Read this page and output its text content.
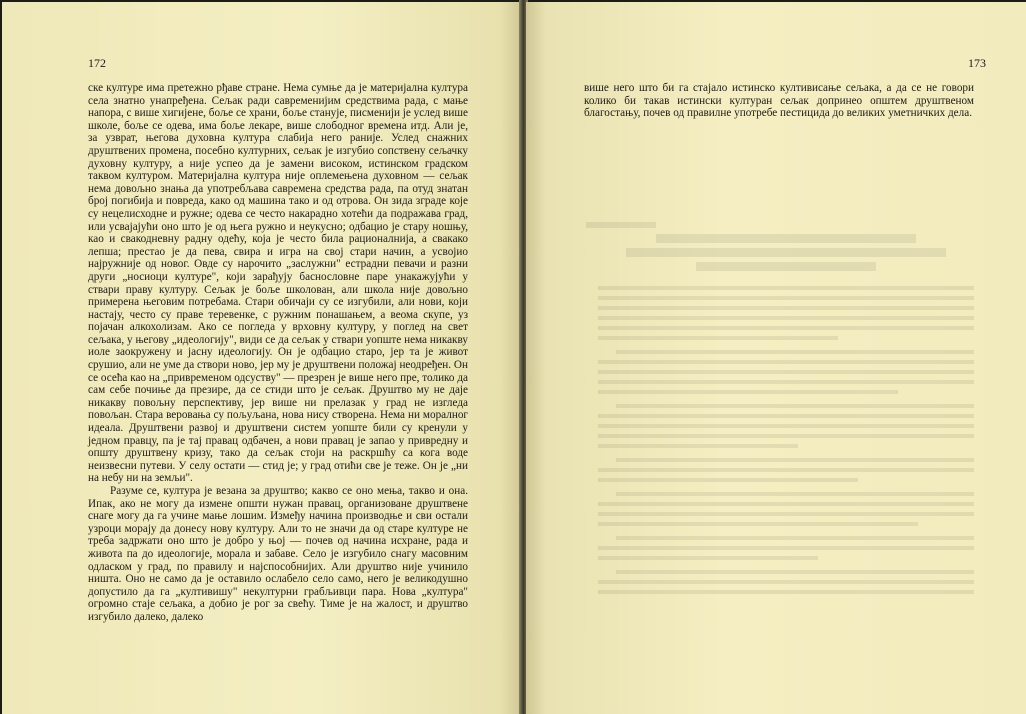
172

ске културе има претежно рђаве стране. Нема сумње да је материјална култура села знатно унапређена. Сељак ради савременијим средствима рада, с мање напора, с више хигијене, боље се храни, боље станује, писменији је услед више школе, боље се одева, има боље лекаре, више слободног времена итд. Али је, за узврат, његова духовна култура слабија него раније. Услед снажних друштвених промена, посебно културних, сељак је изгубио сопствену сељачку духовну културу, а није успео да је замени високом, истинском градском таквом културом. Материјална култура није оплемењена духовном — сељак нема довољно знања да употребљава савремена средства рада, па отуд знатан број погибија и повреда, како од машина тако и од отрова. Он зида зграде које су нецелисходне и ружне; одева се често накарадно хотећи да подражава град, или усвајајући оно што је од њега ружно и неукусно; одбацио је стару ношњу, као и свакодневну радну одећу, која је често била рационалнија, а свакако лепша; престао је да пева, свира и игра на свој стари начин, а усвојио најружније од новог. Овде су нарочито „заслужни" естрадни певачи и разни други „носиоци културе", који зарађују баснословне паре унакажујући у ствари праву културу. Сељак је боље школован, али школа није довољно примерена његовим потребама. Стари обичаји су се изгубили, али нови, који настају, често су праве теревенке, с ружним понашањем, а веома скупе, уз појачан алкохолизам. Ако се погледа у врховну културу, у поглед на свет сељака, у његову „идеологију", види се да сељак у ствари уопште нема никакву иоле заокружену и јасну идеологију. Он је одбацио старо, јер та је живот срушио, али не уме да створи ново, јер му је друштвени положај неодређен. Он се осећа као на „привременом одсуству" — презрен је више него пре, толико да сам себе почиње да презире, да се стиди што је сељак. Друштво му не даје никакву повољну перспективу, јер више ни прелазак у град не изгледа повољан. Стара веровања су пољуљана, нова нису створена. Нема ни моралног идеала. Друштвени развој и друштвени систем уопште били су кренули у једном правцу, па је тај правац одбачен, а нови правац је запао у привредну и општу друштвену кризу, тако да сељак стоји на раскршћу са кога воде неизвесни путеви. У селу остати — стид је; у град отићи све је теже. Он је „ни на небу ни на земљи".

Разуме се, култура је везана за друштво; какво се оно мења, такво и она. Ипак, ако не могу да измене општи нужан правац, организоване друштвене снаге могу да га учине мање лошим. Између начина производње и сви остали узроци морају да донесу нову културу. Али то не значи да од старе културе не треба задржати оно што је добро у њој — почев од начина исхране, рада и живота па до идеологије, морала и забаве. Село је изгубило снагу масовним одласком у град, по правилу и најспособнијих. Али друштво није учинило ништа. Оно не само да је оставило ослабело село само, него је великодушно допустило да га „култивишу" некултурни грабљивци пара. Нова „култура" огромно стаје сељака, а добио је рог за свећу. Тиме је на жалост, и друштво изгубило далеко, далеко

173

више него што би га стајало истинско култивисање сељака, а да се не говори колико би такав истински културан сељак допринео општем друштвеном благостању, почев од правилне употребе пестицида до великих уметничких дела.
